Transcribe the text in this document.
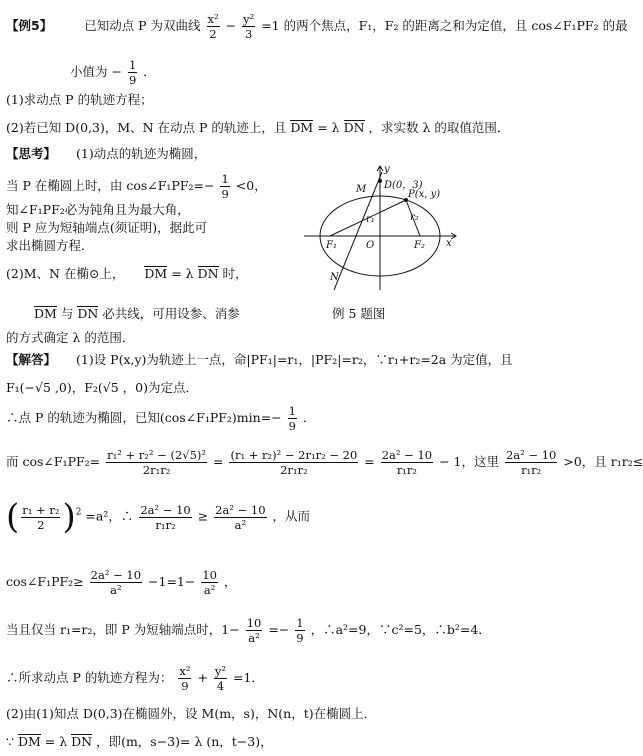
【例5】	已知动点 P 为双曲线 $\frac{\text{x²}}{2} - \frac{\text{y²}}{3} =1$ 的两个焦点，F₁，F₂ 的距离之和为定值，且 cos∠F₁PF₂ 的最
小值为 − $\frac{1}{9}$ ．
(1)求动点 P 的轨迹方程；
(2)若已知 D(0,3)，M、N 在动点 P 的轨迹上，且 DM = λ DN ，求实数 λ 的取值范围．
【思考】 (1)动点的轨迹为椭圆，
当 P 在椭圆上时，由 cos∠F₁PF₂=− $\frac{1}{9} <0$，
知∠F₁PF₂必为钝角且为最大角，
则 P 应为短轴端点(须证明)，据此可
求出椭圆方程．
(2)M、N 在椭⊙上， DM = λ DN 时，
DM 与 DN 必共线，可用设参、消参
的方式确定 λ 的范围．
y
x
D(0，3)
P(x, y)
M
N
O
F₁	F₂
r₁	r₂
例 5 题图
【解答】 (1)设 P(x,y)为轨迹上一点，命|PF₁|=r₁，|PF₂|=r₂，∵r₁+r₂=2a 为定值，且
F₁(−√5 ,0)，F₂(√5 ，0)为定点．
∴点 P 的轨迹为椭圆，已知(cos∠F₁PF₂)min=− $\frac{1}{9}$ ．
而 cos∠F₁PF₂= $\frac{\text{r₁² + r₂² − (2√5)²}}{\text{2r₁r₂}} = \frac{\text{(r₁ + r₂)² − 2r₁r₂ − 20}}{\text{2r₁r₂}} = \frac{\text{2a² − 10}}{\text{r₁r₂}} - 1$，这里 $\frac{\text{2a² − 10}}{\text{r₁r₂}} >0$，且 r₁r₂≤
( $\frac{\text{r₁ + r₂}}{2} )^2 =a^2$，∴ $\frac{\text{2a² − 10}}{\text{r₁r₂}} \ge \frac{\text{2a² − 10}}{\text{a²}}$ ，从而
cos∠F₁PF₂≥ $\frac{\text{2a² − 10}}{\text{a²}} -1=1- \frac{10}{\text{a²}}$ ，
当且仅当 r₁=r₂，即 P 为短轴端点时，$1- \frac{10}{\text{a²}} =- \frac{1}{9}$ ，∴a²=9，∵c²=5，∴b²=4．
∴所求动点 P 的轨迹方程为： $\frac{\text{x²}}{9} + \frac{\text{y²}}{4} =1$．
(2)由(1)知点 D(0,3)在椭圆外，设 M(m，s)，N(n，t)在椭圆上．
∵ DM = λ DN ，即(m，s−3)= λ (n，t−3)，
